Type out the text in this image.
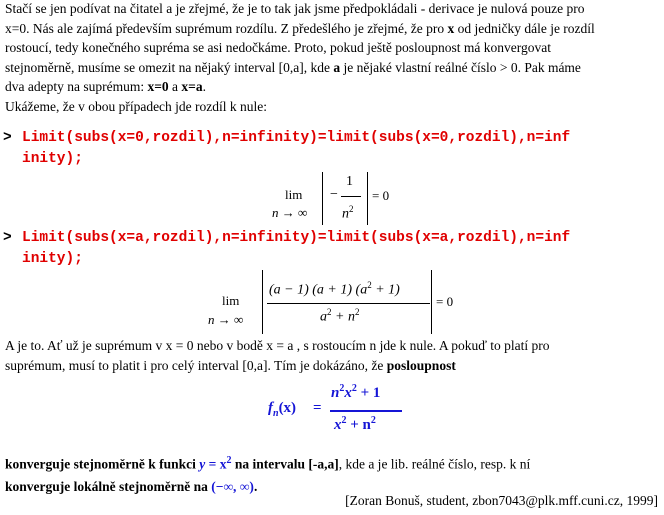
Stačí se jen podívat na čitatel a je zřejmé, že je to tak jak jsme předpokládali - derivace je nulová pouze pro
x=0. Nás ale zajímá především suprémum rozdílu. Z předešlého je zřejmé, že pro x od jedničky dále je rozdíl
rostoucí, tedy konečného suprémа se asi nedočkáme. Proto, pokud ještě posloupnost má konvergovat
stejnoměrně, musíme se omezit na nějaký interval [0,a], kde a je nějaké vlastní reálné číslo > 0. Pak máme
dva adepty na suprémum: x=0 a x=a.
Ukážeme, že v obou případech jde rozdíl k nule:
> Limit(subs(x=0,rozdil),n=infinity)=limit(subs(x=0,rozdil),n=inf
inity);
lim
n → ∞
−
1
$n^2$
= 0
> Limit(subs(x=a,rozdil),n=infinity)=limit(subs(x=a,rozdil),n=inf
inity);
lim
n → ∞
(a − 1) (a + 1) $(a^2 + 1)$
$a^2 + n^2$
= 0
A je to. Ať už je suprémum v x = 0 nebo v bodě x = a , s rostoucím n jde k nule. A pokuď to platí pro
suprémum, musí to platit i pro celý interval [0,a]. Tím je dokázáno, že posloupnost
$f_n(x)$ =
$n^2x^2 + 1$
$x^2 + n^2$
konverguje stejnoměrně k funkci $y = x^2$ na intervalu [-a,a], kde a je lib. reálné číslo, resp. k ní
konverguje lokálně stejnoměrně na (−∞, ∞).
[Zoran Bonuš, student, zbon7043@plk.mff.cuni.cz, 1999]
